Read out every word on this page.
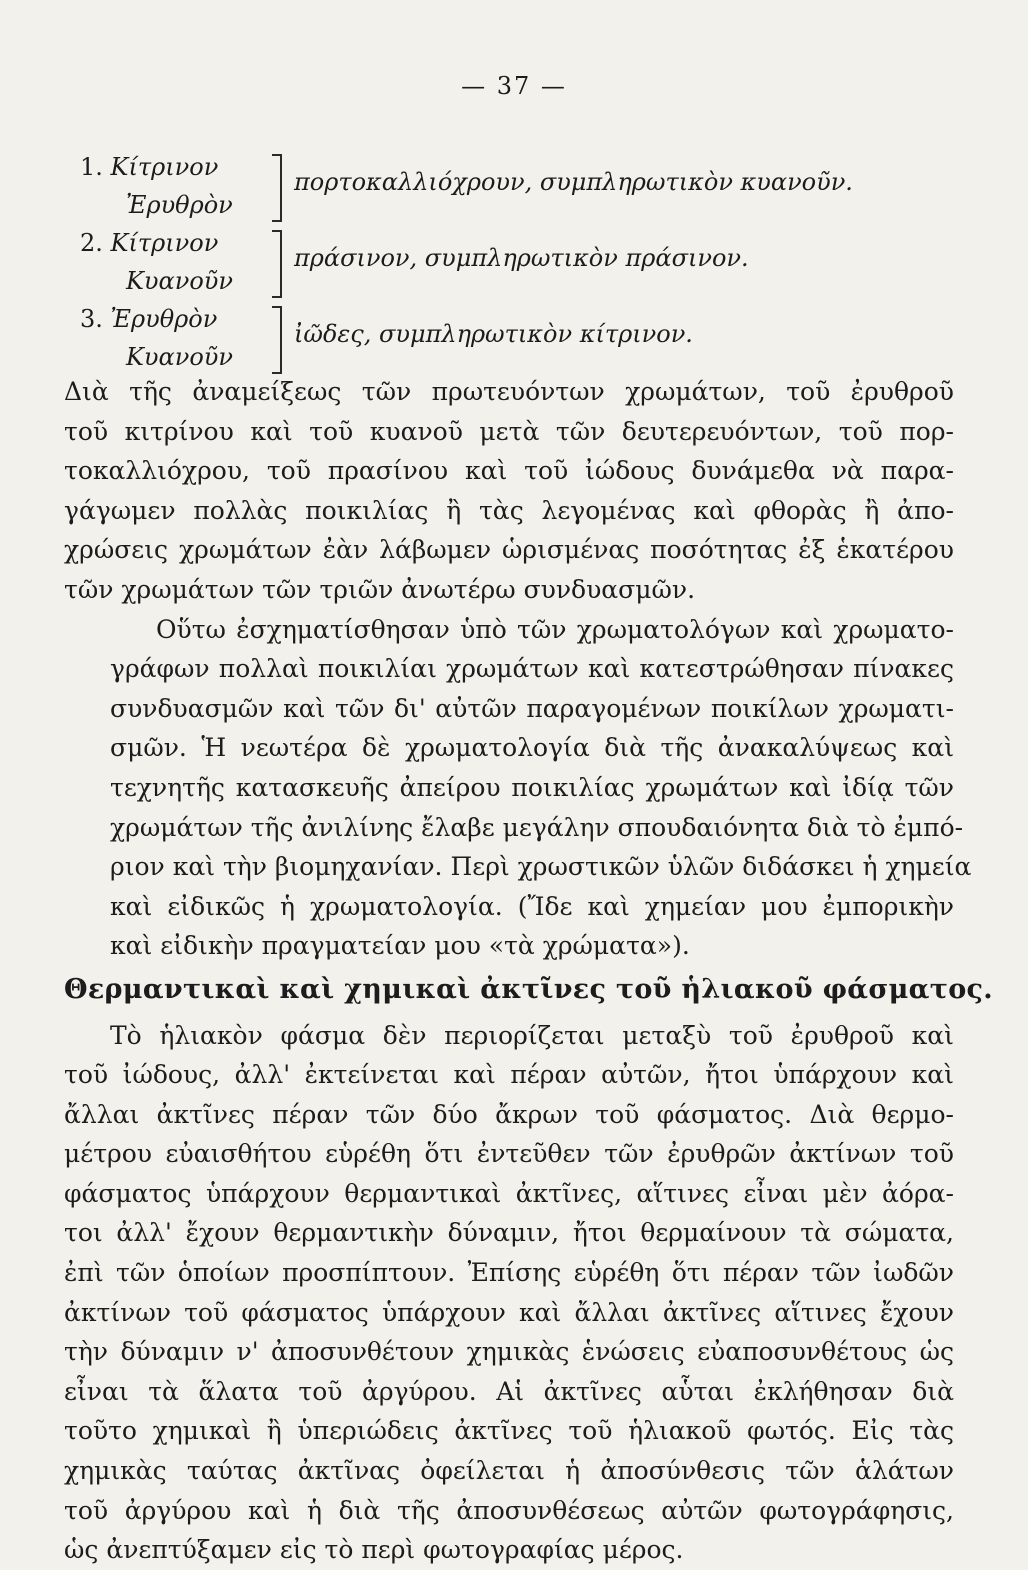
— 37 —
1. Κίτρινον
Ἐρυθρὸν
πορτοκαλλιόχρουν, συμπληρωτικὸν κυανοῦν.
2. Κίτρινον
Κυανοῦν
πράσινον, συμπληρωτικὸν πράσινον.
3. Ἐρυθρὸν
Κυανοῦν
ἰῶδες, συμπληρωτικὸν κίτρινον.

Διὰ τῆς ἀναμείξεως τῶν πρωτευόντων χρωμάτων, τοῦ ἐρυθροῦ
τοῦ κιτρίνου καὶ τοῦ κυανοῦ μετὰ τῶν δευτερευόντων, τοῦ πορ-
τοκαλλιόχρου, τοῦ πρασίνου καὶ τοῦ ἰώδους δυνάμεθα νὰ παρα-
γάγωμεν πολλὰς ποικιλίας ἢ τὰς λεγομένας καὶ φθορὰς ἢ ἀπο-
χρώσεις χρωμάτων ἐὰν λάβωμεν ὡρισμένας ποσότητας ἐξ ἑκατέρου
τῶν χρωμάτων τῶν τριῶν ἀνωτέρω συνδυασμῶν.

Οὕτω ἐσχηματίσθησαν ὑπὸ τῶν χρωματολόγων καὶ χρωματο-
γράφων πολλαὶ ποικιλίαι χρωμάτων καὶ κατεστρώθησαν πίνακες
συνδυασμῶν καὶ τῶν δι' αὐτῶν παραγομένων ποικίλων χρωματι-
σμῶν. Ἡ νεωτέρα δὲ χρωματολογία διὰ τῆς ἀνακαλύψεως καὶ
τεχνητῆς κατασκευῆς ἀπείρου ποικιλίας χρωμάτων καὶ ἰδίᾳ τῶν
χρωμάτων τῆς ἀνιλίνης ἔλαβε μεγάλην σπουδαιόνητα διὰ τὸ ἐμπό-
ριον καὶ τὴν βιομηχανίαν. Περὶ χρωστικῶν ὑλῶν διδάσκει ἡ χημεία
καὶ εἰδικῶς ἡ χρωματολογία. (Ἴδε καὶ χημείαν μου ἐμπορικὴν
καὶ εἰδικὴν πραγματείαν μου «τὰ χρώματα»).

Θερμαντικαὶ καὶ χημικαὶ ἀκτῖνες τοῦ ἡλιακοῦ φάσματος.

Τὸ ἡλιακὸν φάσμα δὲν περιορίζεται μεταξὺ τοῦ ἐρυθροῦ καὶ
τοῦ ἰώδους, ἀλλ' ἐκτείνεται καὶ πέραν αὐτῶν, ἤτοι ὑπάρχουν καὶ
ἄλλαι ἀκτῖνες πέραν τῶν δύο ἄκρων τοῦ φάσματος. Διὰ θερμο-
μέτρου εὐαισθήτου εὑρέθη ὅτι ἐντεῦθεν τῶν ἐρυθρῶν ἀκτίνων τοῦ
φάσματος ὑπάρχουν θερμαντικαὶ ἀκτῖνες, αἵτινες εἶναι μὲν ἀόρα-
τοι ἀλλ' ἔχουν θερμαντικὴν δύναμιν, ἤτοι θερμαίνουν τὰ σώματα,
ἐπὶ τῶν ὁποίων προσπίπτουν. Ἐπίσης εὑρέθη ὅτι πέραν τῶν ἰωδῶν
ἀκτίνων τοῦ φάσματος ὑπάρχουν καὶ ἄλλαι ἀκτῖνες αἵτινες ἔχουν
τὴν δύναμιν ν' ἀποσυνθέτουν χημικὰς ἑνώσεις εὐαποσυνθέτους ὡς
εἶναι τὰ ἅλατα τοῦ ἀργύρου. Αἱ ἀκτῖνες αὗται ἐκλήθησαν διὰ
τοῦτο χημικαὶ ἢ ὑπεριώδεις ἀκτῖνες τοῦ ἡλιακοῦ φωτός. Εἰς τὰς
χημικὰς ταύτας ἀκτῖνας ὀφείλεται ἡ ἀποσύνθεσις τῶν ἁλάτων
τοῦ ἀργύρου καὶ ἡ διὰ τῆς ἀποσυνθέσεως αὐτῶν φωτογράφησις,
ὡς ἀνεπτύξαμεν εἰς τὸ περὶ φωτογραφίας μέρος.
